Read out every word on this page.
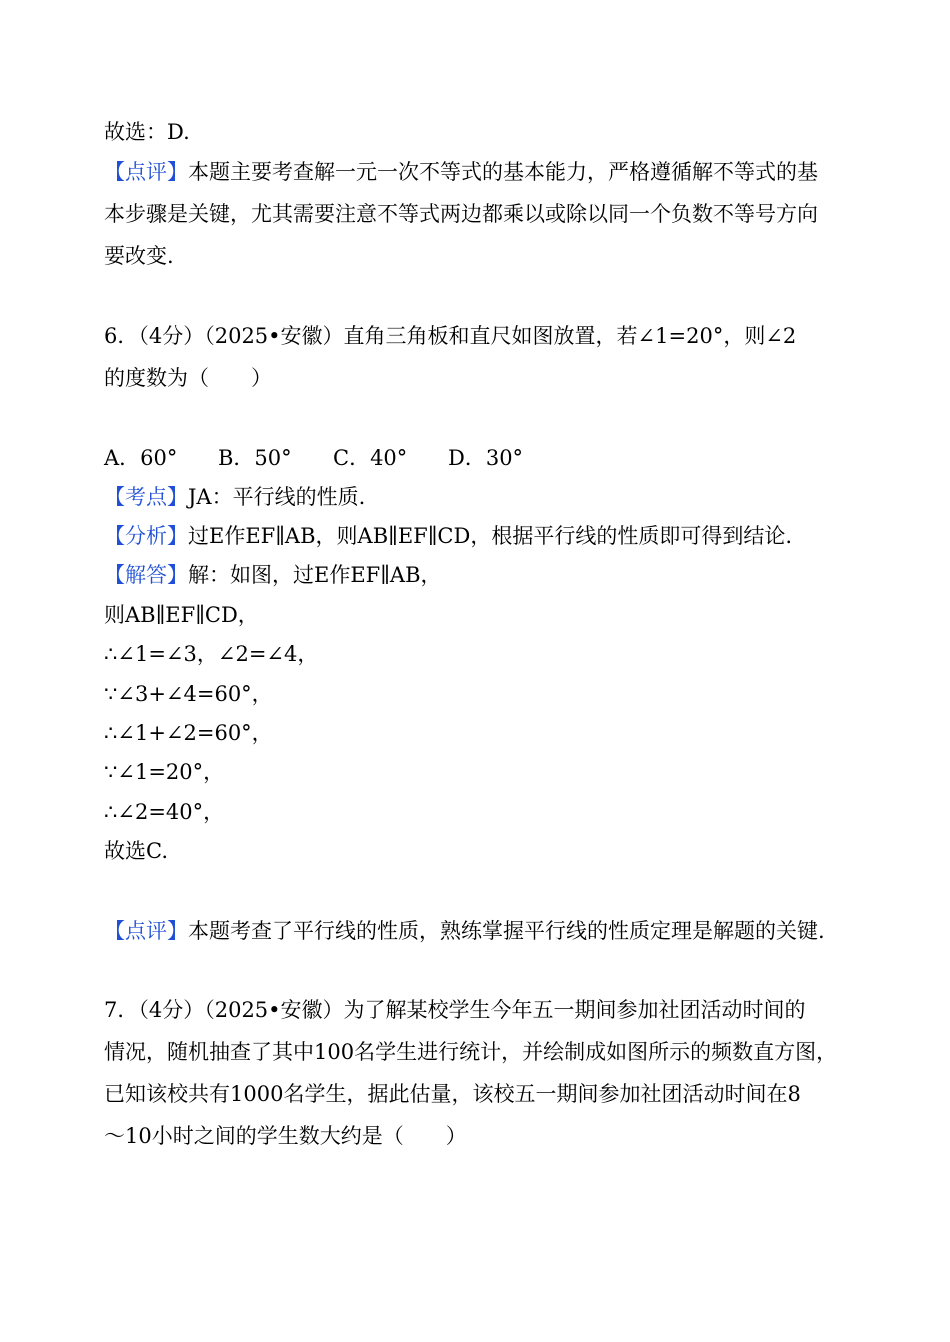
故选：D.
【点评】本题主要考查解一元一次不等式的基本能力，严格遵循解不等式的基
本步骤是关键，尤其需要注意不等式两边都乘以或除以同一个负数不等号方向
要改变.
6．（4分）（2025•安徽）直角三角板和直尺如图放置，若∠1=20°，则∠2
的度数为（　　）
A．60° B．50° C．40° D．30°
【考点】JA：平行线的性质.
【分析】过E作EF∥AB，则AB∥EF∥CD，根据平行线的性质即可得到结论.
【解答】解：如图，过E作EF∥AB，
则AB∥EF∥CD，
∴∠1=∠3，∠2=∠4，
∵∠3+∠4=60°，
∴∠1+∠2=60°，
∵∠1=20°，
∴∠2=40°，
故选C.
【点评】本题考查了平行线的性质，熟练掌握平行线的性质定理是解题的关键.
7．（4分）（2025•安徽）为了解某校学生今年五一期间参加社团活动时间的
情况，随机抽查了其中100名学生进行统计，并绘制成如图所示的频数直方图，
已知该校共有1000名学生，据此估量，该校五一期间参加社团活动时间在8
～10小时之间的学生数大约是（　　）
